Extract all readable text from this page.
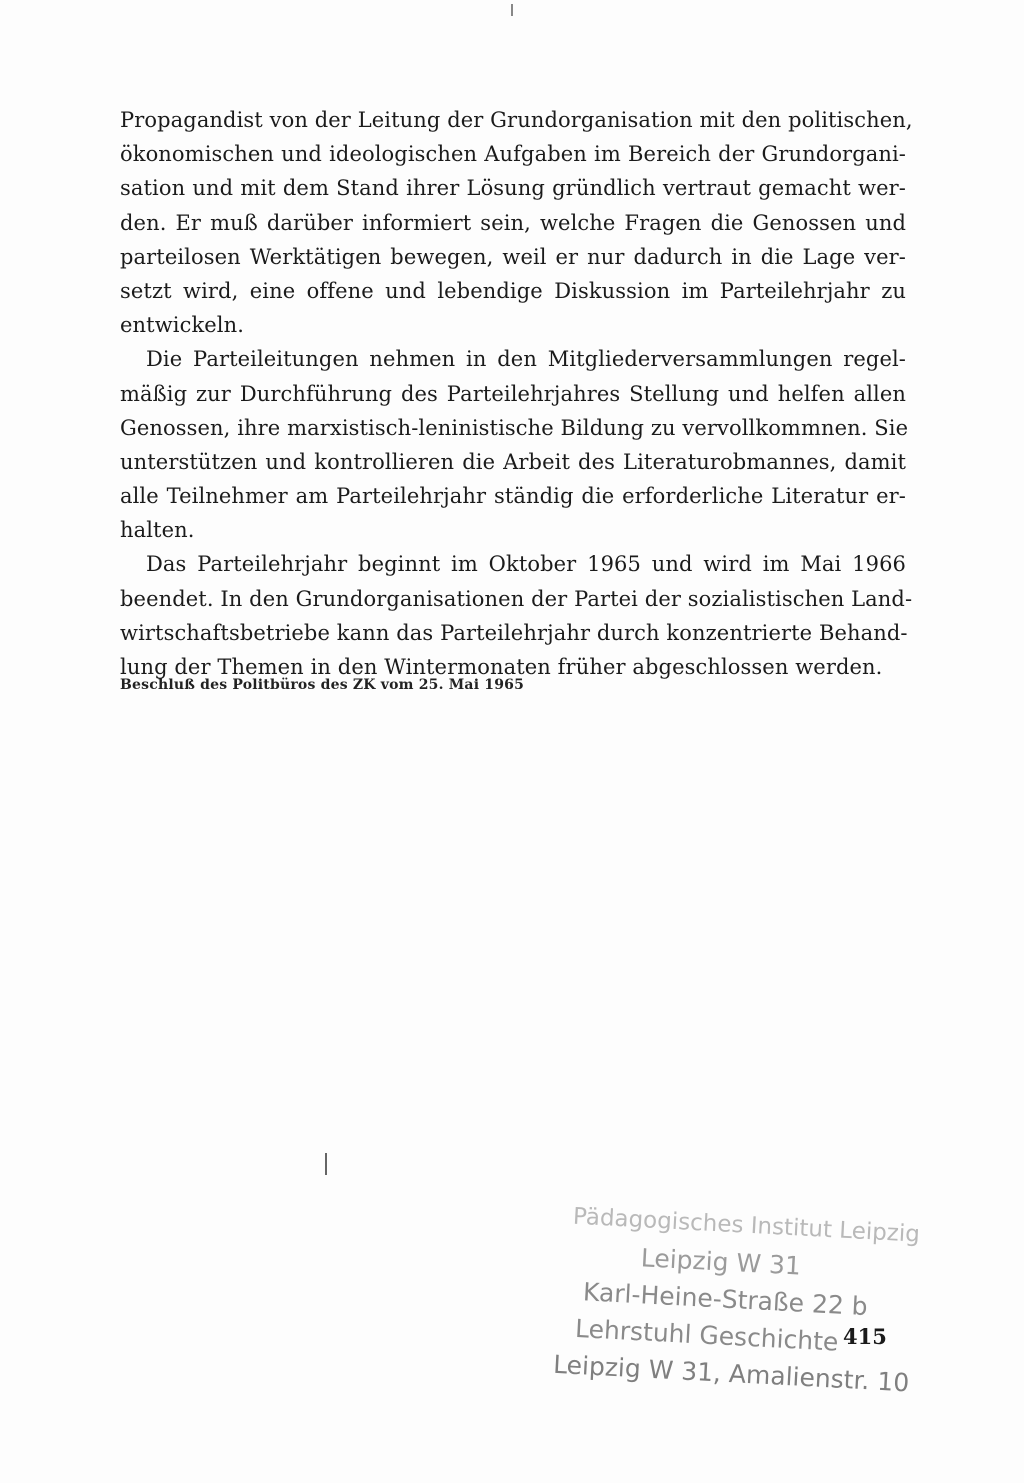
Propagandist von der Leitung der Grundorganisation mit den politischen,
ökonomischen und ideologischen Aufgaben im Bereich der Grundorgani-
sation und mit dem Stand ihrer Lösung gründlich vertraut gemacht wer-
den. Er muß darüber informiert sein, welche Fragen die Genossen und
parteilosen Werktätigen bewegen, weil er nur dadurch in die Lage ver-
setzt wird, eine offene und lebendige Diskussion im Parteilehrjahr zu
entwickeln.
Die Parteileitungen nehmen in den Mitgliederversammlungen regel-
mäßig zur Durchführung des Parteilehrjahres Stellung und helfen allen
Genossen, ihre marxistisch-leninistische Bildung zu vervollkommnen. Sie
unterstützen und kontrollieren die Arbeit des Literaturobmannes, damit
alle Teilnehmer am Parteilehrjahr ständig die erforderliche Literatur er-
halten.
Das Parteilehrjahr beginnt im Oktober 1965 und wird im Mai 1966
beendet. In den Grundorganisationen der Partei der sozialistischen Land-
wirtschaftsbetriebe kann das Parteilehrjahr durch konzentrierte Behand-
lung der Themen in den Wintermonaten früher abgeschlossen werden.
Beschluß des Politbüros des ZK vom 25. Mai 1965
Pädagogisches Institut Leipzig
Leipzig W 31
Karl-Heine-Straße 22 b
Lehrstuhl Geschichte
Leipzig W 31, Amalienstr. 10
415
